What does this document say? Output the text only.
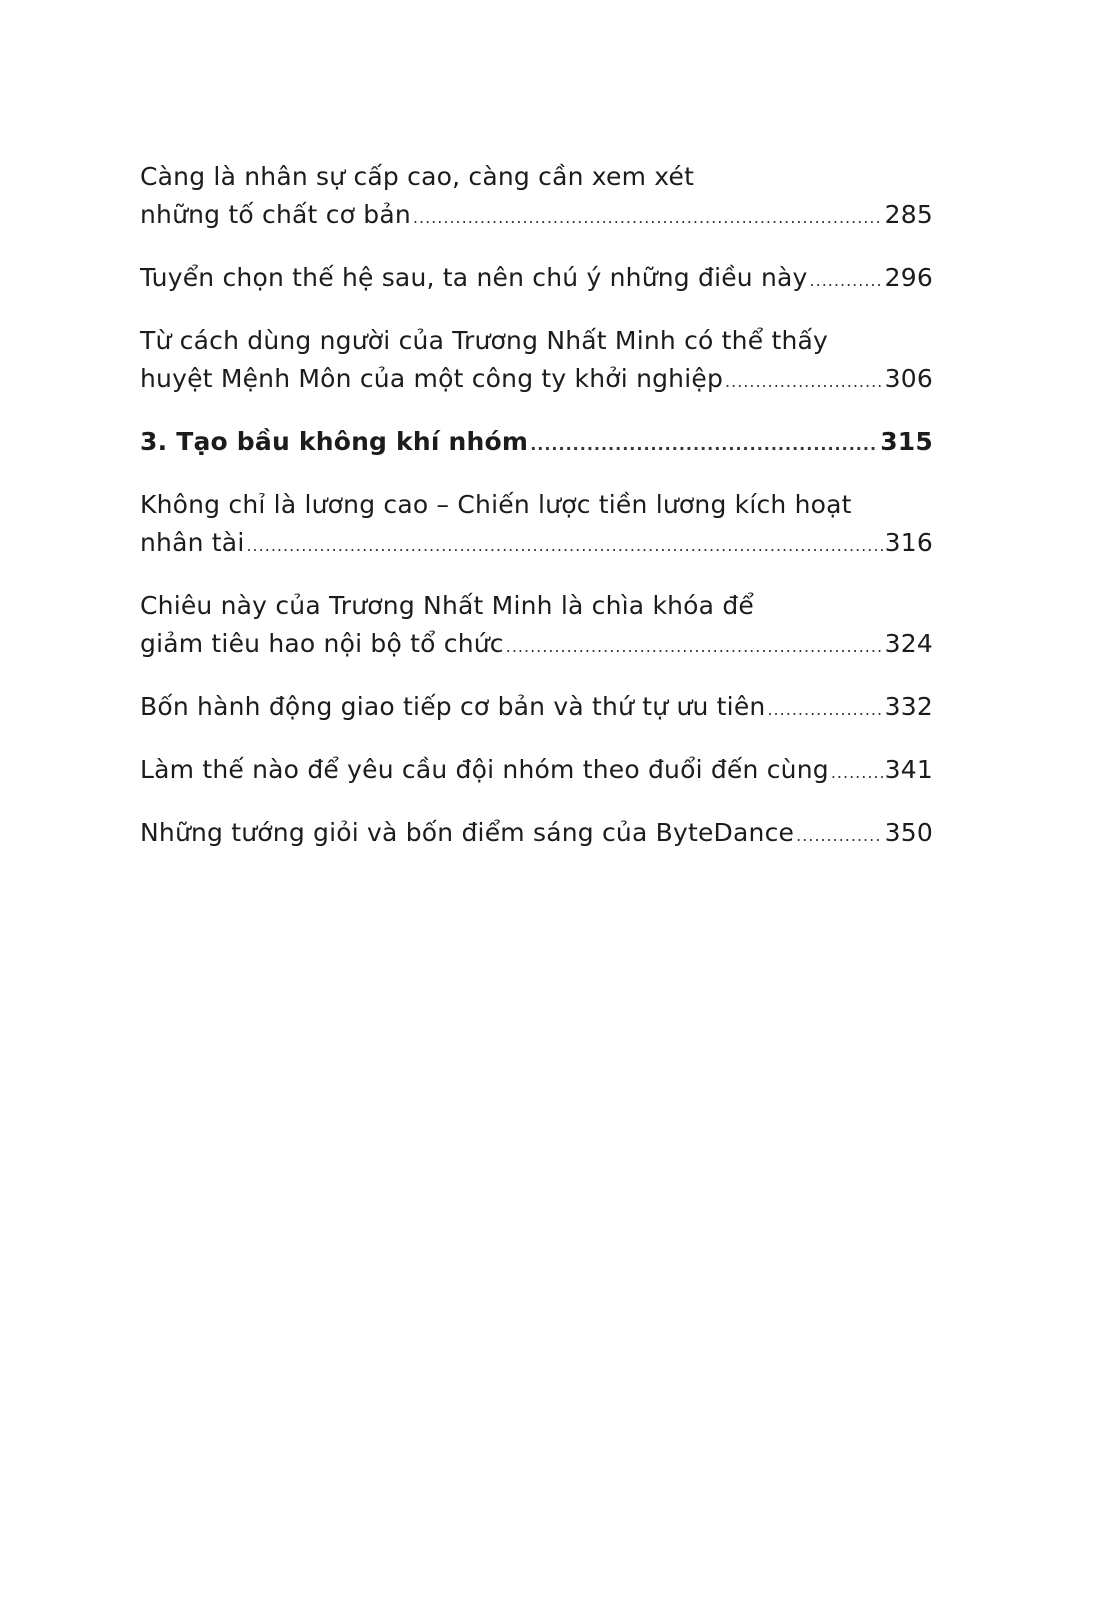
Càng là nhân sự cấp cao, càng cần xem xét
những tố chất cơ bản .....	285
Tuyển chọn thế hệ sau, ta nên chú ý những điều này .....	296
Từ cách dùng người của Trương Nhất Minh có thể thấy
huyệt Mệnh Môn của một công ty khởi nghiệp .....	306
3. Tạo bầu không khí nhóm .....	315
Không chỉ là lương cao – Chiến lược tiền lương kích hoạt
nhân tài .....	316
Chiêu này của Trương Nhất Minh là chìa khóa để
giảm tiêu hao nội bộ tổ chức .....	324
Bốn hành động giao tiếp cơ bản và thứ tự ưu tiên .....	332
Làm thế nào để yêu cầu đội nhóm theo đuổi đến cùng ..... 341
Những tướng giỏi và bốn điểm sáng của ByteDance .....	350
